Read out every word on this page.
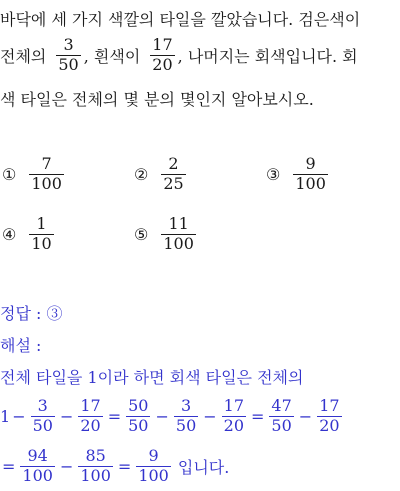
바닥에 세 가지 색깔의 타일을 깔았습니다. 검은색이
전체의 $\frac{3}{50}$ , 흰색이 $\frac{17}{20}$ , 나머지는 회색입니다. 회
색 타일은 전체의 몇 분의 몇인지 알아보시오.
① $\frac{7}{100}$	② $\frac{2}{25}$	③ $\frac{9}{100}$
④ $\frac{1}{10}$	⑤ $\frac{11}{100}$
정답 : ③
해설 :
전체 타일을 1이라 하면 회색 타일은 전체의
$1 - \frac{3}{50} - \frac{17}{20} = \frac{50}{50} - \frac{3}{50} - \frac{17}{20} = \frac{47}{50} - \frac{17}{20}$
= $\frac{94}{100} - \frac{85}{100} = \frac{9}{100}$ 입니다.
